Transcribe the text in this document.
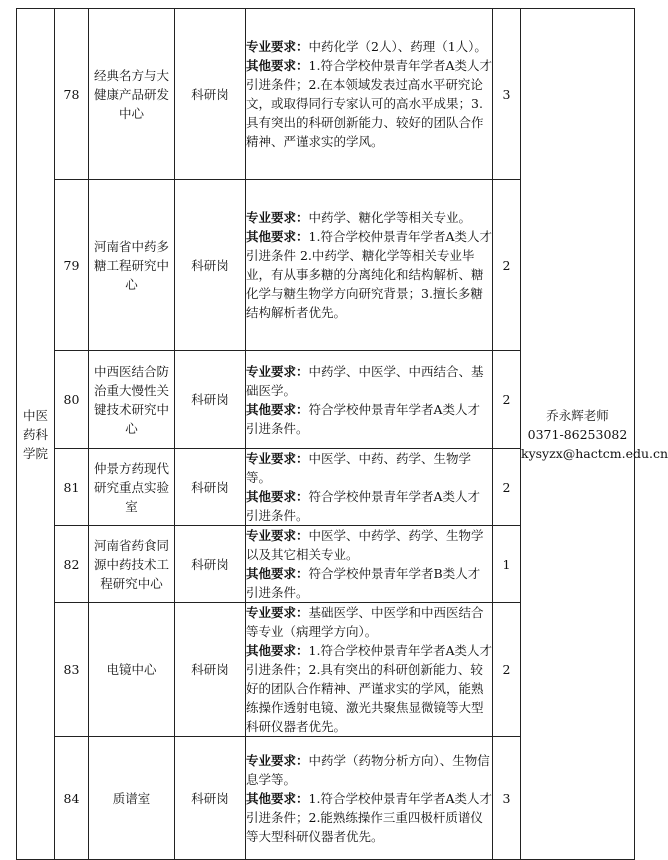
中医药科学院	78	经典名方与大健康产品研发中心	科研岗	专业要求：中药化学（2人）、药理（1人）。
其他要求：1.符合学校仲景青年学者A类人才引进条件；2.在本领域发表过高水平研究论文，或取得同行专家认可的高水平成果；3.具有突出的科研创新能力、较好的团队合作精神、严谨求实的学风。	3	乔永辉老师
0371-86253082
kysyzx@hactcm.edu.cn
	79	河南省中药多糖工程研究中心	科研岗	专业要求：中药学、糖化学等相关专业。
其他要求：1.符合学校仲景青年学者A类人才引进条件 2.中药学、糖化学等相关专业毕业，有从事多糖的分离纯化和结构解析、糖化学与糖生物学方向研究背景；3.擅长多糖结构解析者优先。	2	
	80	中西医结合防治重大慢性关键技术研究中心	科研岗	专业要求：中药学、中医学、中西结合、基础医学。
其他要求：符合学校仲景青年学者A类人才引进条件。	2	
	81	仲景方药现代研究重点实验室	科研岗	专业要求：中医学、中药、药学、生物学等。
其他要求：符合学校仲景青年学者A类人才引进条件。	2	
	82	河南省药食同源中药技术工程研究中心	科研岗	专业要求：中医学、中药学、药学、生物学以及其它相关专业。
其他要求：符合学校仲景青年学者B类人才引进条件。	1	
	83	电镜中心	科研岗	专业要求：基础医学、中医学和中西医结合等专业（病理学方向）。
其他要求：1.符合学校仲景青年学者A类人才引进条件；2.具有突出的科研创新能力、较好的团队合作精神、严谨求实的学风，能熟练操作透射电镜、激光共聚焦显微镜等大型科研仪器者优先。	2	
	84	质谱室	科研岗	专业要求：中药学（药物分析方向）、生物信息学等。
其他要求：1.符合学校仲景青年学者A类人才引进条件；2.能熟练操作三重四极杆质谱仪等大型科研仪器者优先。	3	
